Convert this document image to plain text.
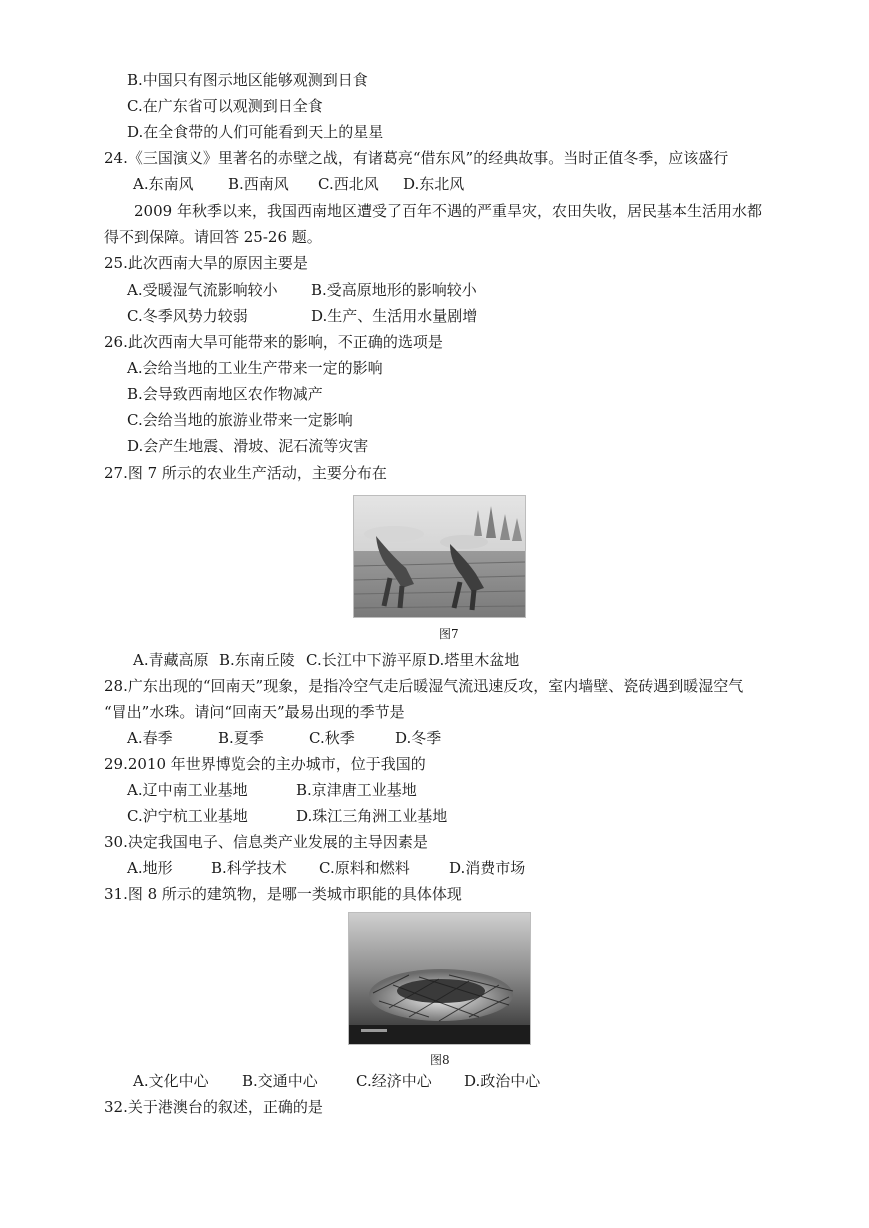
B.中国只有图示地区能够观测到日食
C.在广东省可以观测到日全食
D.在全食带的人们可能看到天上的星星
24.《三国演义》里著名的赤壁之战，有诸葛亮“借东风”的经典故事。当时正值冬季，应该盛行
A.东南风 B.西南风 C.西北风 D.东北风
2009 年秋季以来，我国西南地区遭受了百年不遇的严重旱灾，农田失收，居民基本生活用水都
得不到保障。请回答 25-26 题。
25.此次西南大旱的原因主要是
A.受暖湿气流影响较小 B.受高原地形的影响较小
C.冬季风势力较弱	D.生产、生活用水量剧增
26.此次西南大旱可能带来的影响，不正确的选项是
A.会给当地的工业生产带来一定的影响
B.会导致西南地区农作物减产
C.会给当地的旅游业带来一定影响
D.会产生地震、滑坡、泥石流等灾害
27.图 7 所示的农业生产活动，主要分布在
图7
A.青藏高原 B.东南丘陵 C.长江中下游平原 D.塔里木盆地
28.广东出现的“回南天”现象，是指冷空气走后暖湿气流迅速反攻，室内墙壁、瓷砖遇到暖湿空气
“冒出”水珠。请问“回南天”最易出现的季节是
A.春季	B.夏季	C.秋季	D.冬季
29.2010 年世界博览会的主办城市，位于我国的
A.辽中南工业基地	B.京津唐工业基地
C.沪宁杭工业基地	D.珠江三角洲工业基地
30.决定我国电子、信息类产业发展的主导因素是
A.地形	B.科学技术 C.原料和燃料	D.消费市场
31.图 8 所示的建筑物，是哪一类城市职能的具体体现
图8
A.文化中心 B.交通中心	C.经济中心 D.政治中心
32.关于港澳台的叙述，正确的是
